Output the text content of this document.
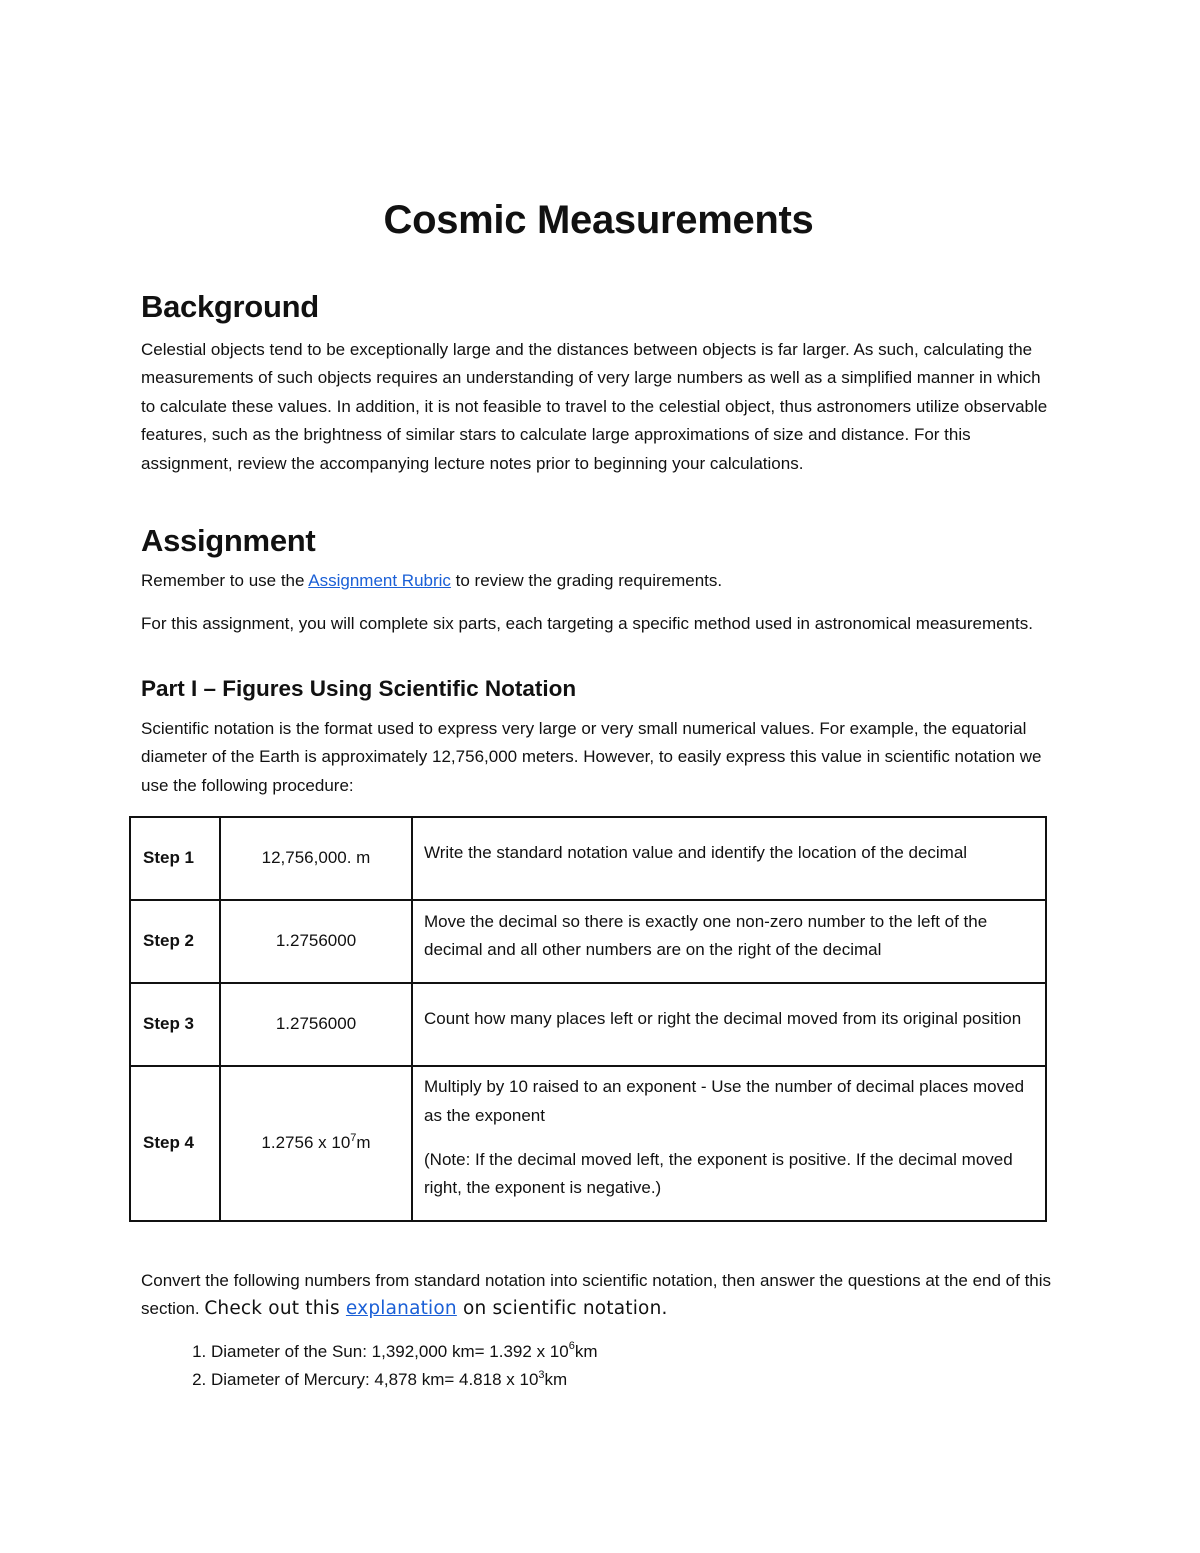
Cosmic Measurements
Background

Celestial objects tend to be exceptionally large and the distances between objects is far larger. As such, calculating the measurements of such objects requires an understanding of very large numbers as well as a simplified manner in which to calculate these values. In addition, it is not feasible to travel to the celestial object, thus astronomers utilize observable features, such as the brightness of similar stars to calculate large approximations of size and distance. For this assignment, review the accompanying lecture notes prior to beginning your calculations.

Assignment

Remember to use the Assignment Rubric to review the grading requirements.

For this assignment, you will complete six parts, each targeting a specific method used in astronomical measurements.

Part I – Figures Using Scientific Notation

Scientific notation is the format used to express very large or very small numerical values. For example, the equatorial diameter of the Earth is approximately 12,756,000 meters. However, to easily express this value in scientific notation we use the following procedure:

Step 1	12,756,000. m	Write the standard notation value and identify the location of the decimal
Step 2	1.2756000	Move the decimal so there is exactly one non-zero number to the left of the decimal and all other numbers are on the right of the decimal
Step 3	1.2756000	Count how many places left or right the decimal moved from its original position
Step 4	1.2756 x $10^7m$	Multiply by 10 raised to an exponent - Use the number of decimal places moved as the exponent
(Note: If the decimal moved left, the exponent is positive. If the decimal moved right, the exponent is negative.)

Convert the following numbers from standard notation into scientific notation, then answer the questions at the end of this section. Check out this explanation on scientific notation.

1. Diameter of the Sun: 1,392,000 km= 1.392 x $10^6km$
2. Diameter of Mercury: 4,878 km= 4.818 x $10^3km$
